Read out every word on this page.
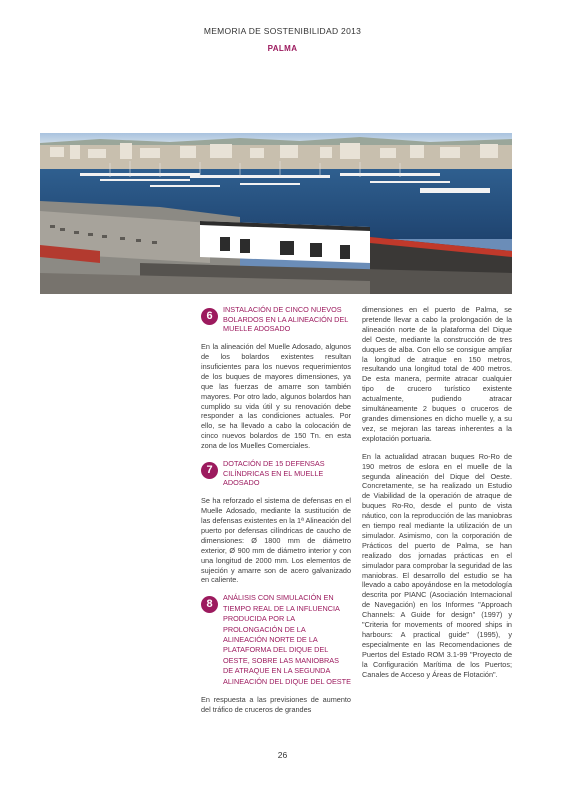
MEMORIA DE SOSTENIBILIDAD 2013
PALMA
6
INSTALACIÓN DE CINCO NUEVOS BOLARDOS EN LA ALINEACIÓN DEL MUELLE ADOSADO

En la alineación del Muelle Adosado, algunos de los bolardos existentes resultan insuficientes para los nuevos requerimientos de los buques de mayores dimensiones, ya que las fuerzas de amarre son también mayores. Por otro lado, algunos bolardos han cumplido su vida útil y su renovación debe responder a las condiciones actuales. Por ello, se ha llevado a cabo la colocación de cinco nuevos bolardos de 150 Tn. en esta zona de los Muelles Comerciales.

7
DOTACIÓN DE 15 DEFENSAS CILÍNDRICAS EN EL MUELLE ADOSADO

Se ha reforzado el sistema de defensas en el Muelle Adosado, mediante la sustitución de las defensas existentes en la 1ª Alineación del puerto por defensas cilíndricas de caucho de dimensiones: Ø 1800 mm de diámetro exterior, Ø 900 mm de diámetro interior y con una longitud de 2000 mm. Los elementos de sujeción y amarre son de acero galvanizado en caliente.

8
ANÁLISIS CON SIMULACIÓN EN TIEMPO REAL DE LA INFLUENCIA PRODUCIDA POR LA PROLONGACIÓN DE LA ALINEACIÓN NORTE DE LA PLATAFORMA DEL DIQUE DEL OESTE, SOBRE LAS MANIOBRAS DE ATRAQUE EN LA SEGUNDA ALINEACIÓN DEL DIQUE DEL OESTE

En respuesta a las previsiones de aumento del tráfico de cruceros de grandes

dimensiones en el puerto de Palma, se pretende llevar a cabo la prolongación de la alineación norte de la plataforma del Dique del Oeste, mediante la construcción de tres duques de alba. Con ello se consigue ampliar la longitud de atraque en 150 metros, resultando una longitud total de 400 metros. De esta manera, permite atracar cualquier tipo de crucero turístico existente actualmente, pudiendo atracar simultáneamente 2 buques o cruceros de grandes dimensiones en dicho muelle y, a su vez, se mejoran las tareas inherentes a la explotación portuaria.

En la actualidad atracan buques Ro-Ro de 190 metros de eslora en el muelle de la segunda alineación del Dique del Oeste. Concretamente, se ha realizado un Estudio de Viabilidad de la operación de atraque de buques Ro-Ro, desde el punto de vista náutico, con la reproducción de las maniobras en tiempo real mediante la utilización de un simulador. Asimismo, con la corporación de Prácticos del puerto de Palma, se han realizado dos jornadas prácticas en el simulador para comprobar la seguridad de las maniobras. El desarrollo del estudio se ha llevado a cabo apoyándose en la metodología descrita por PIANC (Asociación Internacional de Navegación) en los Informes "Approach Channels: A Guide for design" (1997) y "Criteria for movements of moored ships in harbours: A practical guide" (1995), y especialmente en las Recomendaciones de Puertos del Estado ROM 3.1-99 "Proyecto de la Configuración Marítima de los Puertos; Canales de Acceso y Áreas de Flotación".

26
